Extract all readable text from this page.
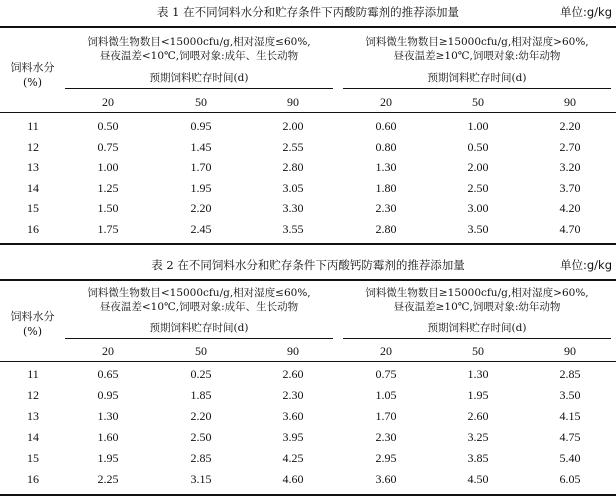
表 1 在不同饲料水分和贮存条件下丙酸防霉剂的推荐添加量	单位:g/kg
饲料水分
(%)
饲料微生物数目<15000cfu/g,相对湿度≤60%,
昼夜温差<10℃,饲喂对象:成年、生长动物
饲料微生物数目≥15000cfu/g,相对湿度>60%,
昼夜温差≥10℃,饲喂对象:幼年动物
预期饲料贮存时间(d)	预期饲料贮存时间(d)
20	50	90	20	50	90
11	0.50	0.95	2.00	0.60	1.00	2.20
12	0.75	1.45	2.55	0.80	0.50	2.70
13	1.00	1.70	2.80	1.30	2.00	3.20
14	1.25	1.95	3.05	1.80	2.50	3.70
15	1.50	2.20	3.30	2.30	3.00	4.20
16	1.75	2.45	3.55	2.80	3.50	4.70
表 2 在不同饲料水分和贮存条件下丙酸钙防霉剂的推荐添加量	单位:g/kg
饲料水分
(%)
饲料微生物数目<15000cfu/g,相对湿度≤60%,
昼夜温差<10℃,饲喂对象:成年、生长动物
饲料微生物数目≥15000cfu/g,相对湿度>60%,
昼夜温差≥10℃,饲喂对象:幼年动物
预期饲料贮存时间(d)	预期饲料贮存时间(d)
20	50	90	20	50	90
11	0.65	0.25	2.60	0.75	1.30	2.85
12	0.95	1.85	2.30	1.05	1.95	3.50
13	1.30	2.20	3.60	1.70	2.60	4.15
14	1.60	2.50	3.95	2.30	3.25	4.75
15	1.95	2.85	4.25	2.95	3.85	5.40
16	2.25	3.15	4.60	3.60	4.50	6.05
